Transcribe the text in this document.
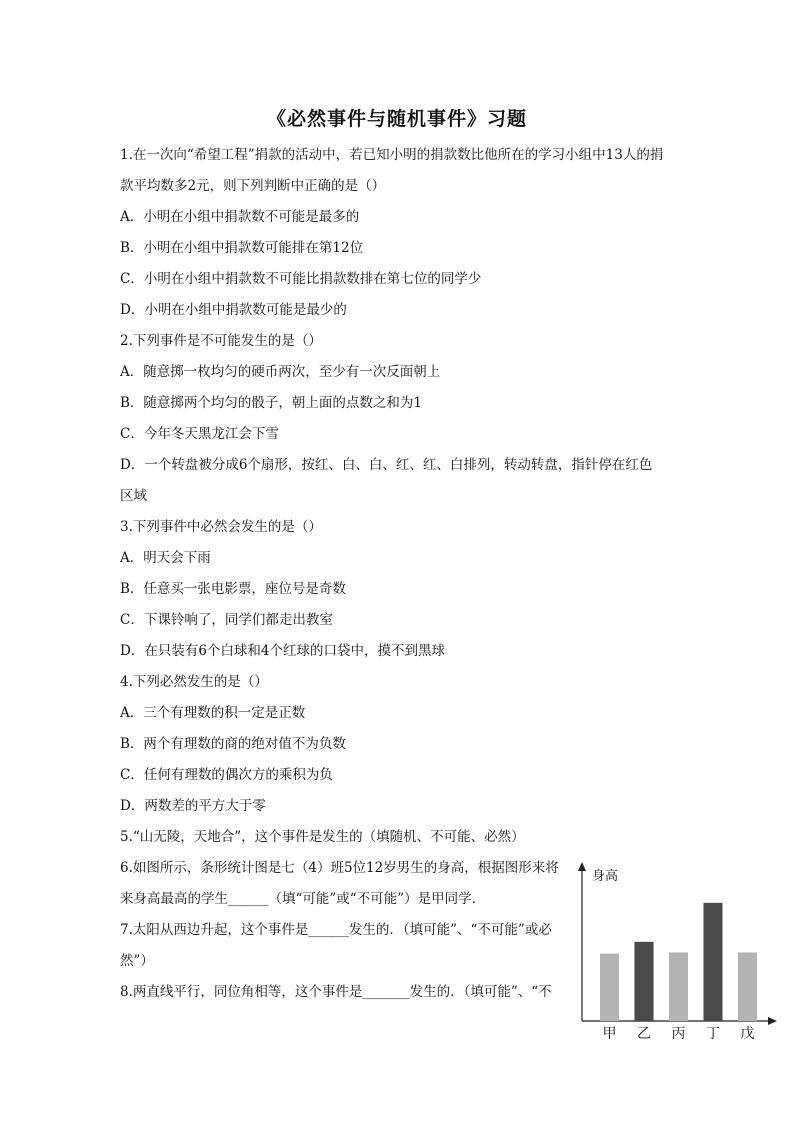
《必然事件与随机事件》习题
1.在一次向“希望工程”捐款的活动中，若已知小明的捐款数比他所在的学习小组中13人的捐
款平均数多2元，则下列判断中正确的是（）
A．小明在小组中捐款数不可能是最多的
B．小明在小组中捐款数可能排在第12位
C．小明在小组中捐款数不可能比捐款数排在第七位的同学少
D．小明在小组中捐款数可能是最少的
2.下列事件是不可能发生的是（）
A．随意掷一枚均匀的硬币两次，至少有一次反面朝上
B．随意掷两个均匀的骰子，朝上面的点数之和为1
C．今年冬天黑龙江会下雪
D．一个转盘被分成6个扇形，按红、白、白、红、红、白排列，转动转盘，指针停在红色
区域
3.下列事件中必然会发生的是（）
A．明天会下雨
B．任意买一张电影票，座位号是奇数
C．下课铃响了，同学们都走出教室
D．在只装有6个白球和4个红球的口袋中，摸不到黑球
4.下列必然发生的是（）
A．三个有理数的积一定是正数
B．两个有理数的商的绝对值不为负数
C．任何有理数的偶次方的乘积为负
D．两数差的平方大于零
5.“山无陵，天地合”，这个事件是发生的（填随机、不可能、必然）
6.如图所示，条形统计图是七（4）班5位12岁男生的身高，根据图形来将
来身高最高的学生______（填“可能”或“不可能”）是甲同学．
7.太阳从西边升起，这个事件是______发生的．（填可能”、“不可能”或必
然”）
8.两直线平行，同位角相等，这个事件是_______发生的．（填可能”、“不
身高
甲 乙 丙 丁 戊
